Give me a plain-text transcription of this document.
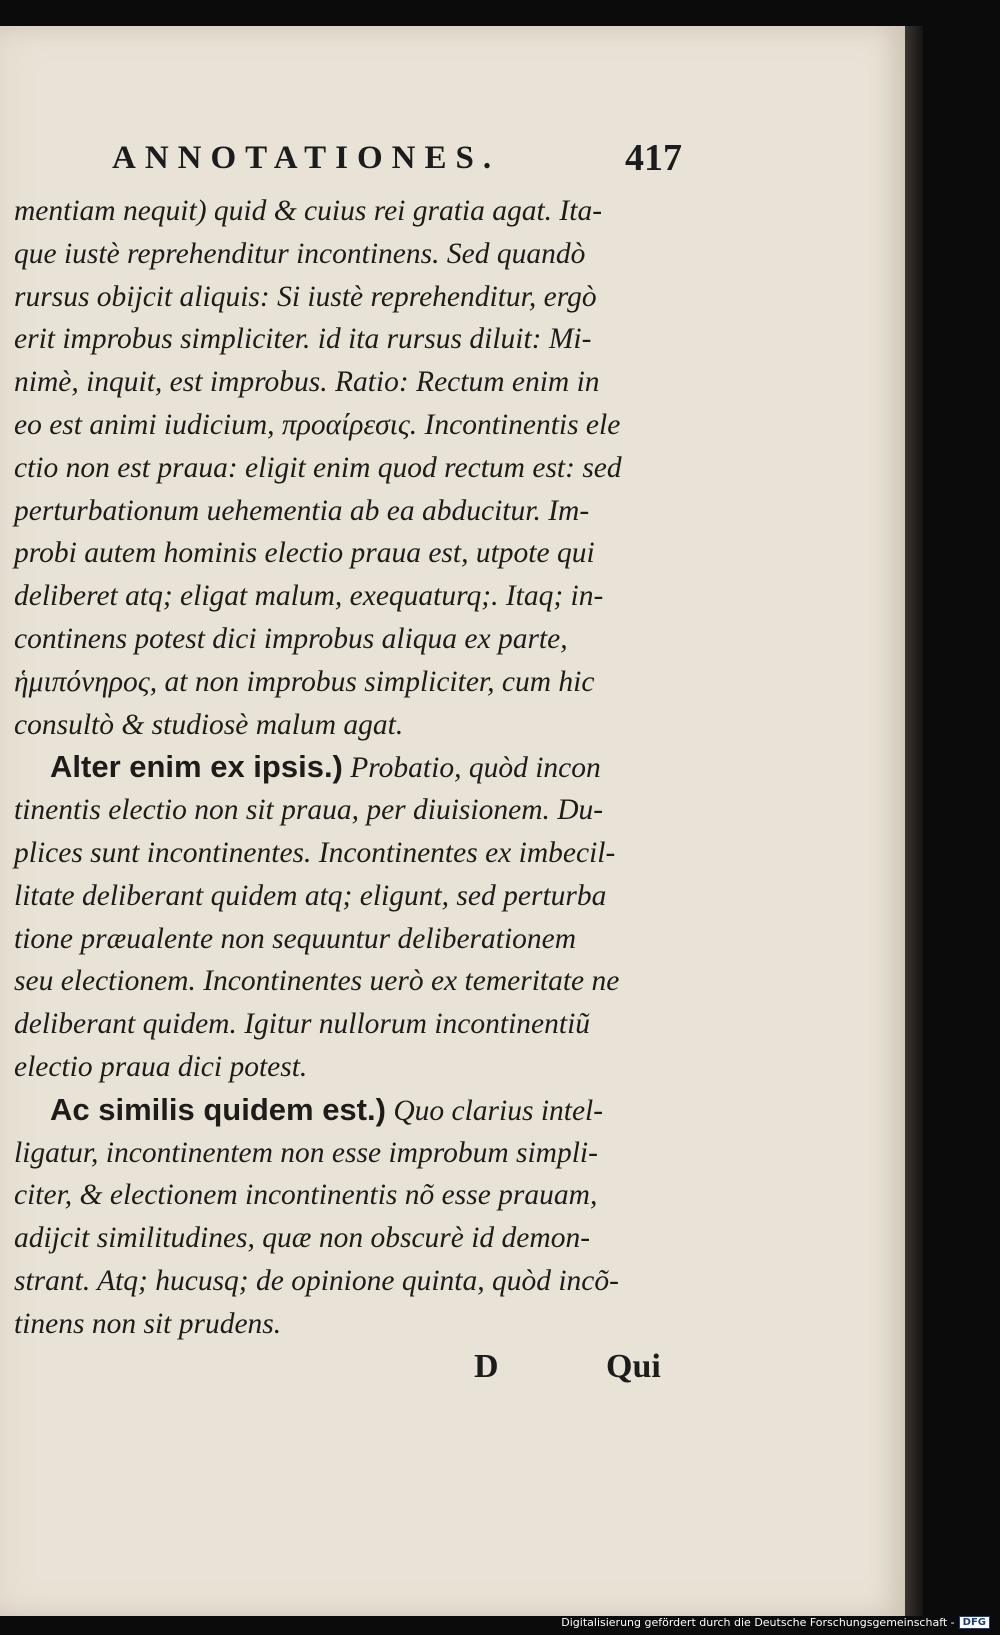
ANNOTATIONES.	417
mentiam nequit) quid & cuius rei gratia agat. Ita-
que iustè reprehenditur incontinens. Sed quandò
rursus obijcit aliquis: Si iustè reprehenditur, ergò
erit improbus simpliciter. id ita rursus diluit: Mi-
nimè, inquit, est improbus. Ratio: Rectum enim in
eo est animi iudicium, προαίρεσις. Incontinentis ele
ctio non est praua: eligit enim quod rectum est: sed
perturbationum uehementia ab ea abducitur. Im-
probi autem hominis electio praua est, utpote qui
deliberet atq; eligat malum, exequaturq;. Itaq; in-
continens potest dici improbus aliqua ex parte,
ἡμιπόνηρος, at non improbus simpliciter, cum hic
consultò & studiosè malum agat.
Alter enim ex ipsis.) Probatio, quòd incon
tinentis electio non sit praua, per diuisionem. Du-
plices sunt incontinentes. Incontinentes ex imbecil-
litate deliberant quidem atq; eligunt, sed perturba
tione præualente non sequuntur deliberationem
seu electionem. Incontinentes uerò ex temeritate ne
deliberant quidem. Igitur nullorum incontinentiũ
electio praua dici potest.
Ac similis quidem est.) Quo clarius intel-
ligatur, incontinentem non esse improbum simpli-
citer, & electionem incontinentis nõ esse prauam,
adijcit similitudines, quæ non obscurè id demon-
strant. Atq; hucusq; de opinione quinta, quòd incõ-
tinens non sit prudens.
D	Qui
Digitalisierung gefördert durch die Deutsche Forschungsgemeinschaft - DFG
